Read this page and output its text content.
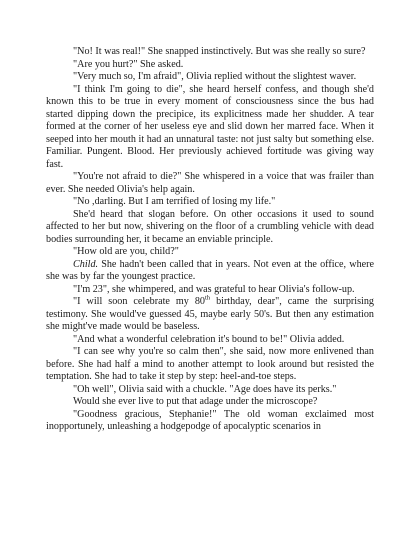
"No! It was real!" She snapped instinctively. But was she really so sure?

"Are you hurt?" She asked.

"Very much so, I'm afraid", Olivia replied without the slightest waver.

"I think I'm going to die", she heard herself confess, and though she'd known this to be true in every moment of consciousness since the bus had started dipping down the precipice, its explicitness made her shudder. A tear formed at the corner of her useless eye and slid down her marred face. When it seeped into her mouth it had an unnatural taste: not just salty but something else. Familiar. Pungent. Blood. Her previously achieved fortitude was giving way fast.

"You're not afraid to die?" She whispered in a voice that was frailer than ever. She needed Olivia's help again.

"No ,darling. But I am terrified of losing my life."

She'd heard that slogan before. On other occasions it used to sound affected to her but now, shivering on the floor of a crumbling vehicle with dead bodies surrounding her, it became an enviable principle.

"How old are you, child?"

Child. She hadn't been called that in years. Not even at the office, where she was by far the youngest practice.

"I'm 23", she whimpered, and was grateful to hear Olivia's follow-up.

"I will soon celebrate my 80th birthday, dear", came the surprising testimony. She would've guessed 45, maybe early 50's. But then any estimation she might've made would be baseless.

"And what a wonderful celebration it's bound to be!" Olivia added.

"I can see why you're so calm then", she said, now more enlivened than before. She had half a mind to another attempt to look around but resisted the temptation. She had to take it step by step: heel-and-toe steps.

"Oh well", Olivia said with a chuckle. "Age does have its perks."

Would she ever live to put that adage under the microscope?

"Goodness gracious, Stephanie!" The old woman exclaimed most inopportunely, unleashing a hodgepodge of apocalyptic scenarios in
